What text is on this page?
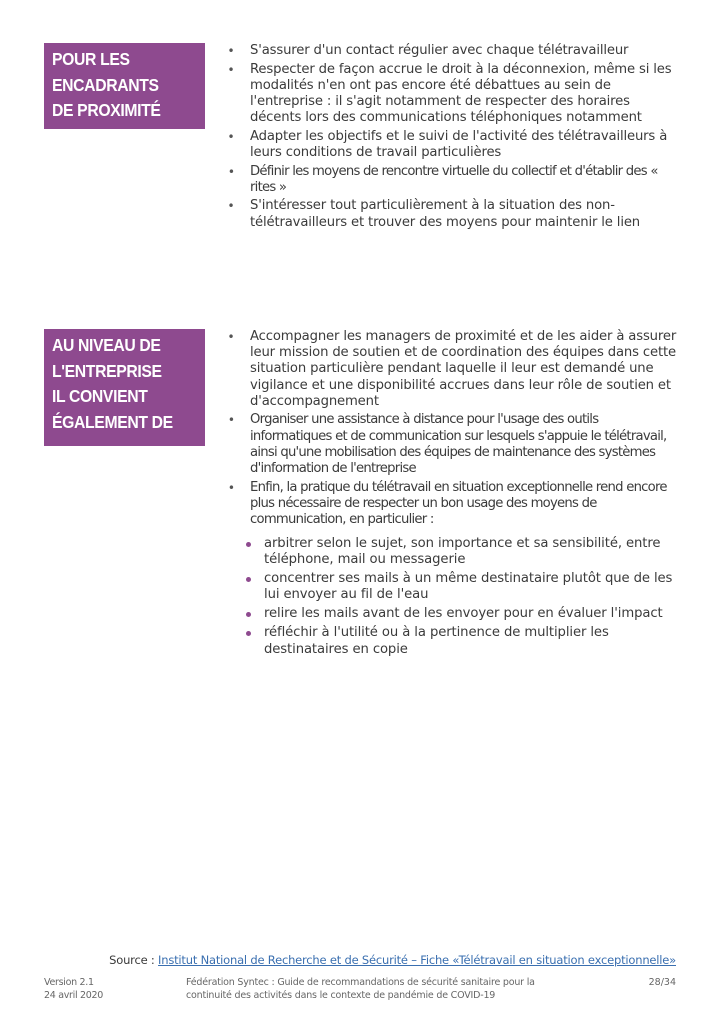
POUR LES
ENCADRANTS
DE PROXIMITÉ
• S'assurer d'un contact régulier avec chaque télétravailleur
• Respecter de façon accrue le droit à la déconnexion, même si les modalités n'en ont pas encore été débattues au sein de l'entreprise : il s'agit notamment de respecter des horaires décents lors des communications téléphoniques notamment
• Adapter les objectifs et le suivi de l'activité des télétravailleurs à leurs conditions de travail particulières
• Définir les moyens de rencontre virtuelle du collectif et d'établir des « rites »
• S'intéresser tout particulièrement à la situation des non-télétravailleurs et trouver des moyens pour maintenir le lien
AU NIVEAU DE
L'ENTREPRISE
IL CONVIENT
ÉGALEMENT DE
• Accompagner les managers de proximité et de les aider à assurer leur mission de soutien et de coordination des équipes dans cette situation particulière pendant laquelle il leur est demandé une vigilance et une disponibilité accrues dans leur rôle de soutien et d'accompagnement
• Organiser une assistance à distance pour l'usage des outils informatiques et de communication sur lesquels s'appuie le télétravail, ainsi qu'une mobilisation des équipes de maintenance des systèmes d'information de l'entreprise
• Enfin, la pratique du télétravail en situation exceptionnelle rend encore plus nécessaire de respecter un bon usage des moyens de communication, en particulier :
arbitrer selon le sujet, son importance et sa sensibilité, entre téléphone, mail ou messagerie
concentrer ses mails à un même destinataire plutôt que de les lui envoyer au fil de l'eau
relire les mails avant de les envoyer pour en évaluer l'impact
réfléchir à l'utilité ou à la pertinence de multiplier les destinataires en copie
Source : Institut National de Recherche et de Sécurité – Fiche «Télétravail en situation exceptionnelle»
Version 2.1
24 avril 2020
Fédération Syntec : Guide de recommandations de sécurité sanitaire pour la
continuité des activités dans le contexte de pandémie de COVID-19
28/34
